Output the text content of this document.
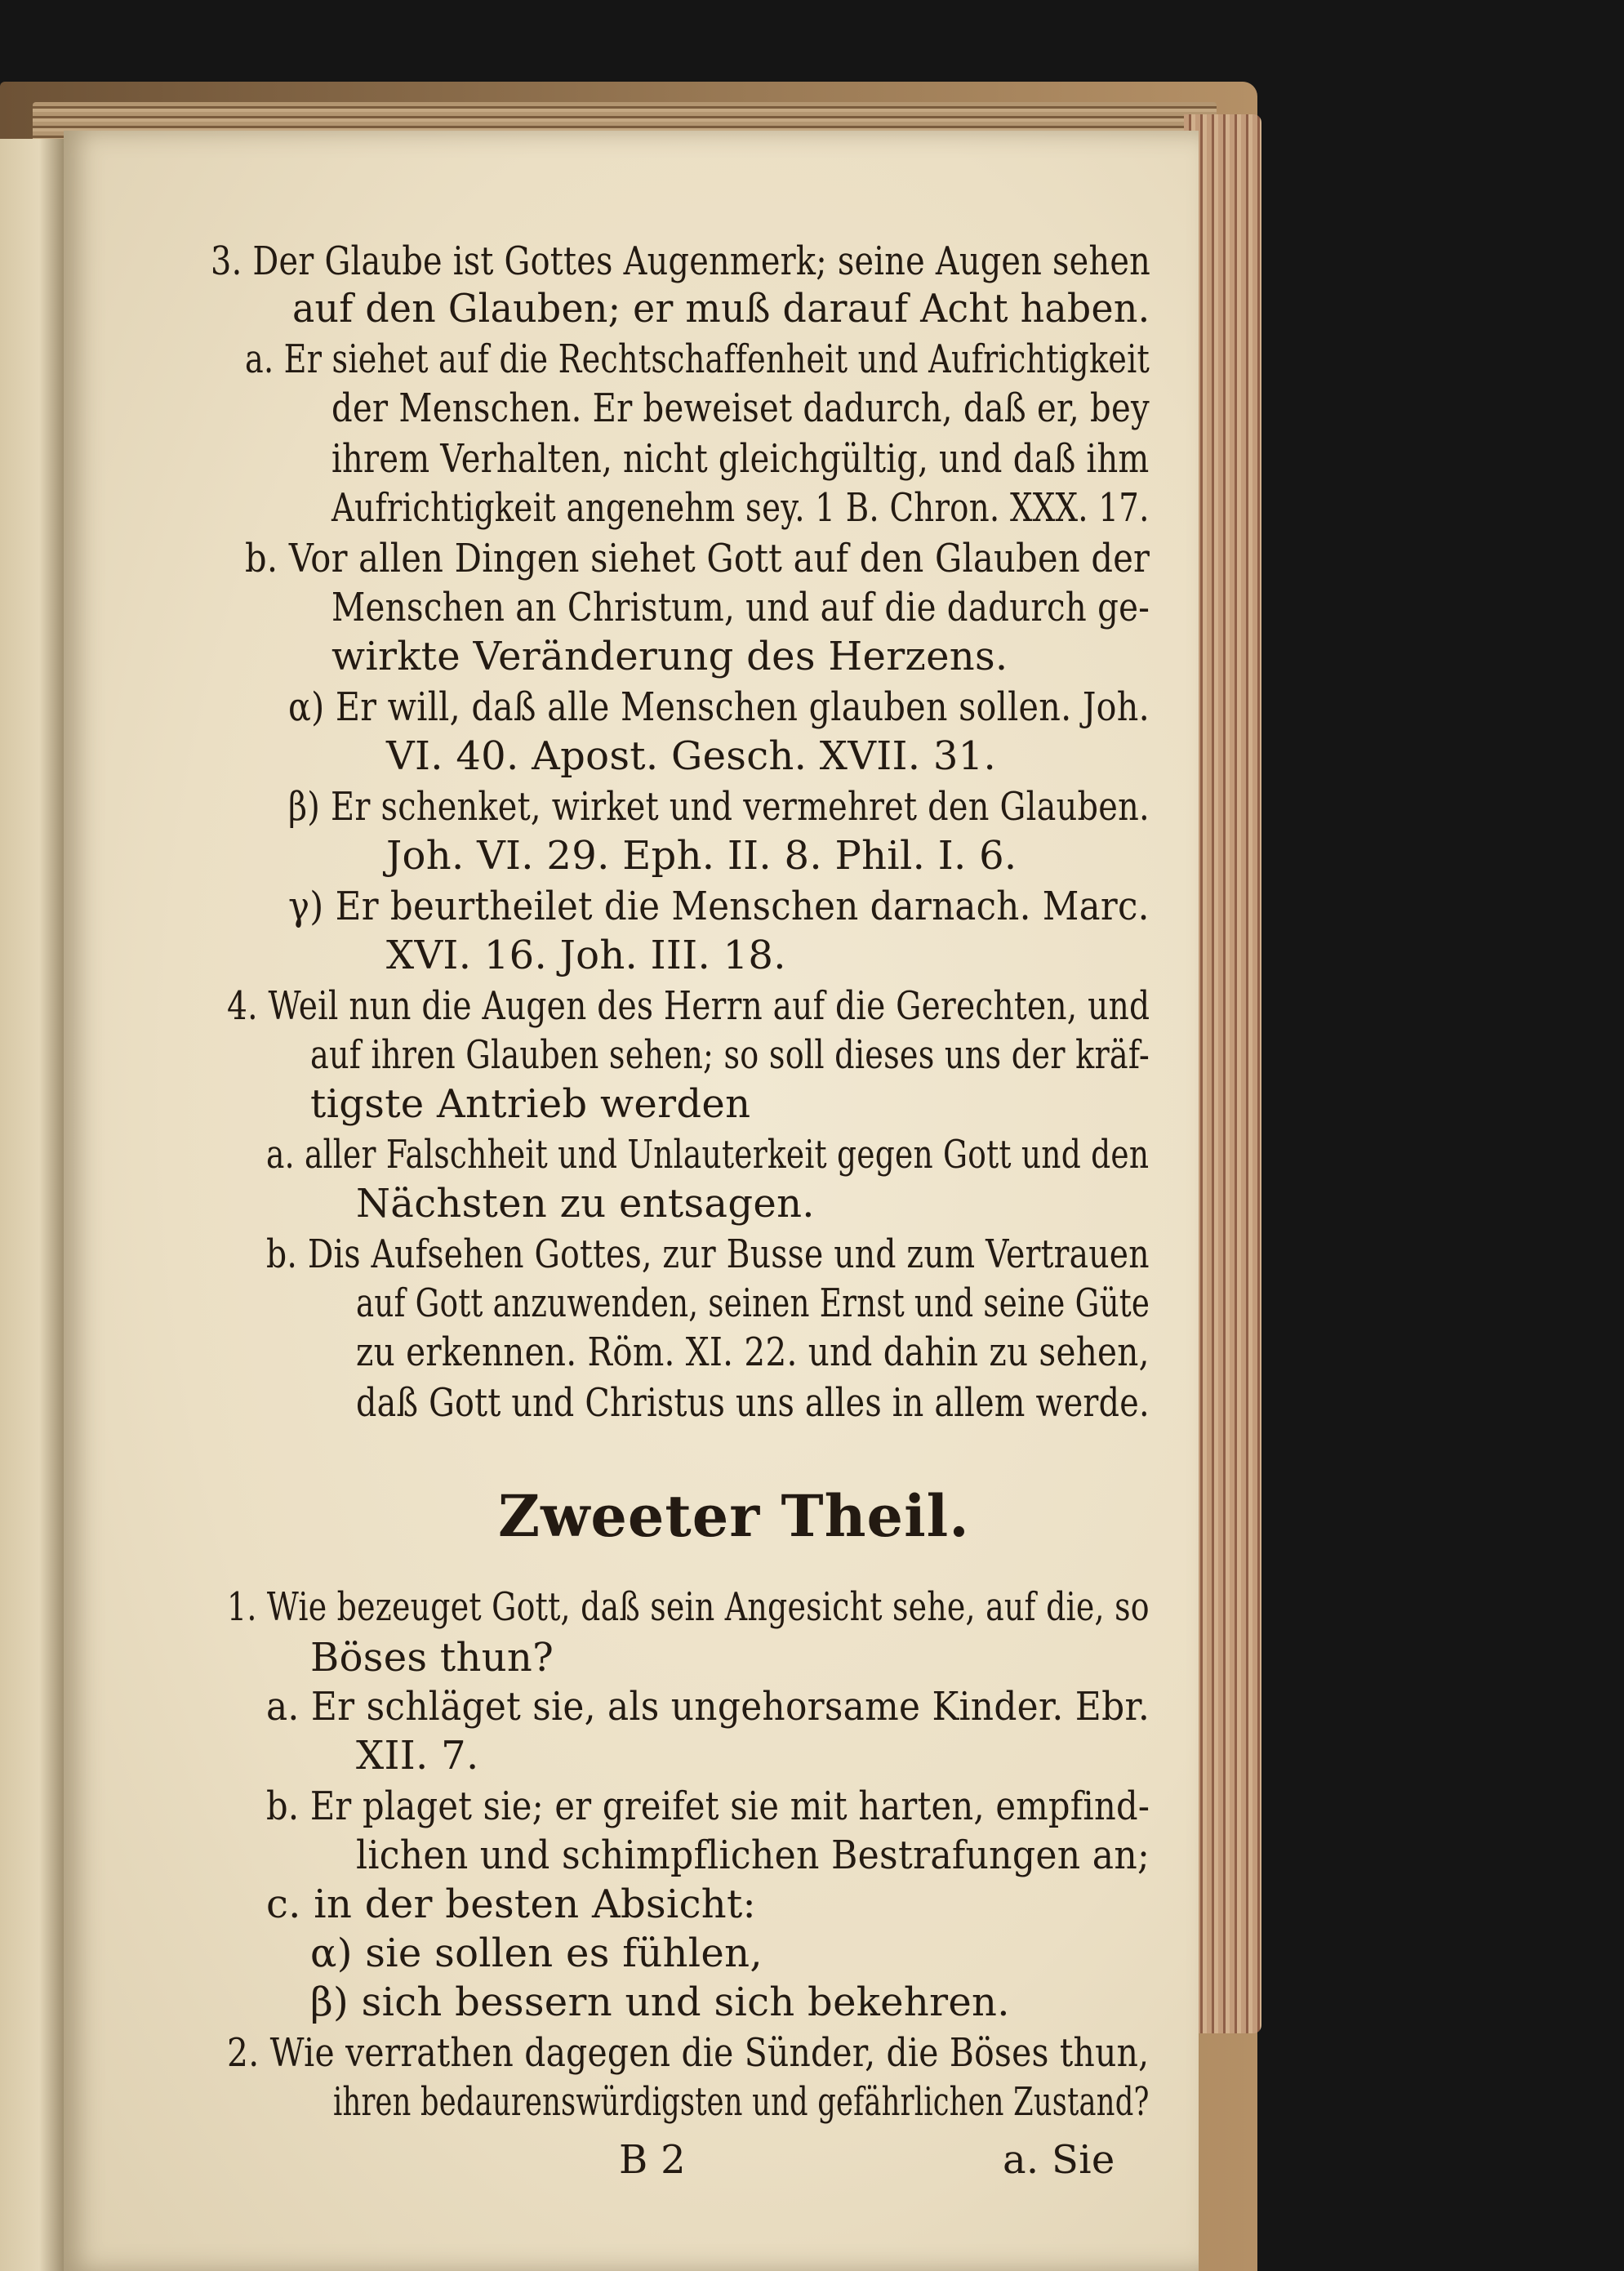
3. Der Glaube ist Gottes Augenmerk; seine Augen sehen
auf den Glauben; er muß darauf Acht haben.
a. Er siehet auf die Rechtschaffenheit und Aufrichtigkeit
der Menschen. Er beweiset dadurch, daß er, bey
ihrem Verhalten, nicht gleichgültig, und daß ihm
Aufrichtigkeit angenehm sey. 1 B. Chron. XXX. 17.
b. Vor allen Dingen siehet Gott auf den Glauben der
Menschen an Christum, und auf die dadurch ge-
wirkte Veränderung des Herzens.
α) Er will, daß alle Menschen glauben sollen. Joh.
VI. 40. Apost. Gesch. XVII. 31.
β) Er schenket, wirket und vermehret den Glauben.
Joh. VI. 29. Eph. II. 8. Phil. I. 6.
γ) Er beurtheilet die Menschen darnach. Marc.
XVI. 16. Joh. III. 18.
4. Weil nun die Augen des Herrn auf die Gerechten, und
auf ihren Glauben sehen; so soll dieses uns der kräf-
tigste Antrieb werden
a. aller Falschheit und Unlauterkeit gegen Gott und den
Nächsten zu entsagen.
b. Dis Aufsehen Gottes, zur Busse und zum Vertrauen
auf Gott anzuwenden, seinen Ernst und seine Güte
zu erkennen. Röm. XI. 22. und dahin zu sehen,
daß Gott und Christus uns alles in allem werde.
Zweeter Theil.
1. Wie bezeuget Gott, daß sein Angesicht sehe, auf die, so
Böses thun?
a. Er schläget sie, als ungehorsame Kinder. Ebr.
XII. 7.
b. Er plaget sie; er greifet sie mit harten, empfind-
lichen und schimpflichen Bestrafungen an;
c. in der besten Absicht:
α) sie sollen es fühlen,
β) sich bessern und sich bekehren.
2. Wie verrathen dagegen die Sünder, die Böses thun,
ihren bedaurenswürdigsten und gefährlichen Zustand?
B 2	a. Sie
